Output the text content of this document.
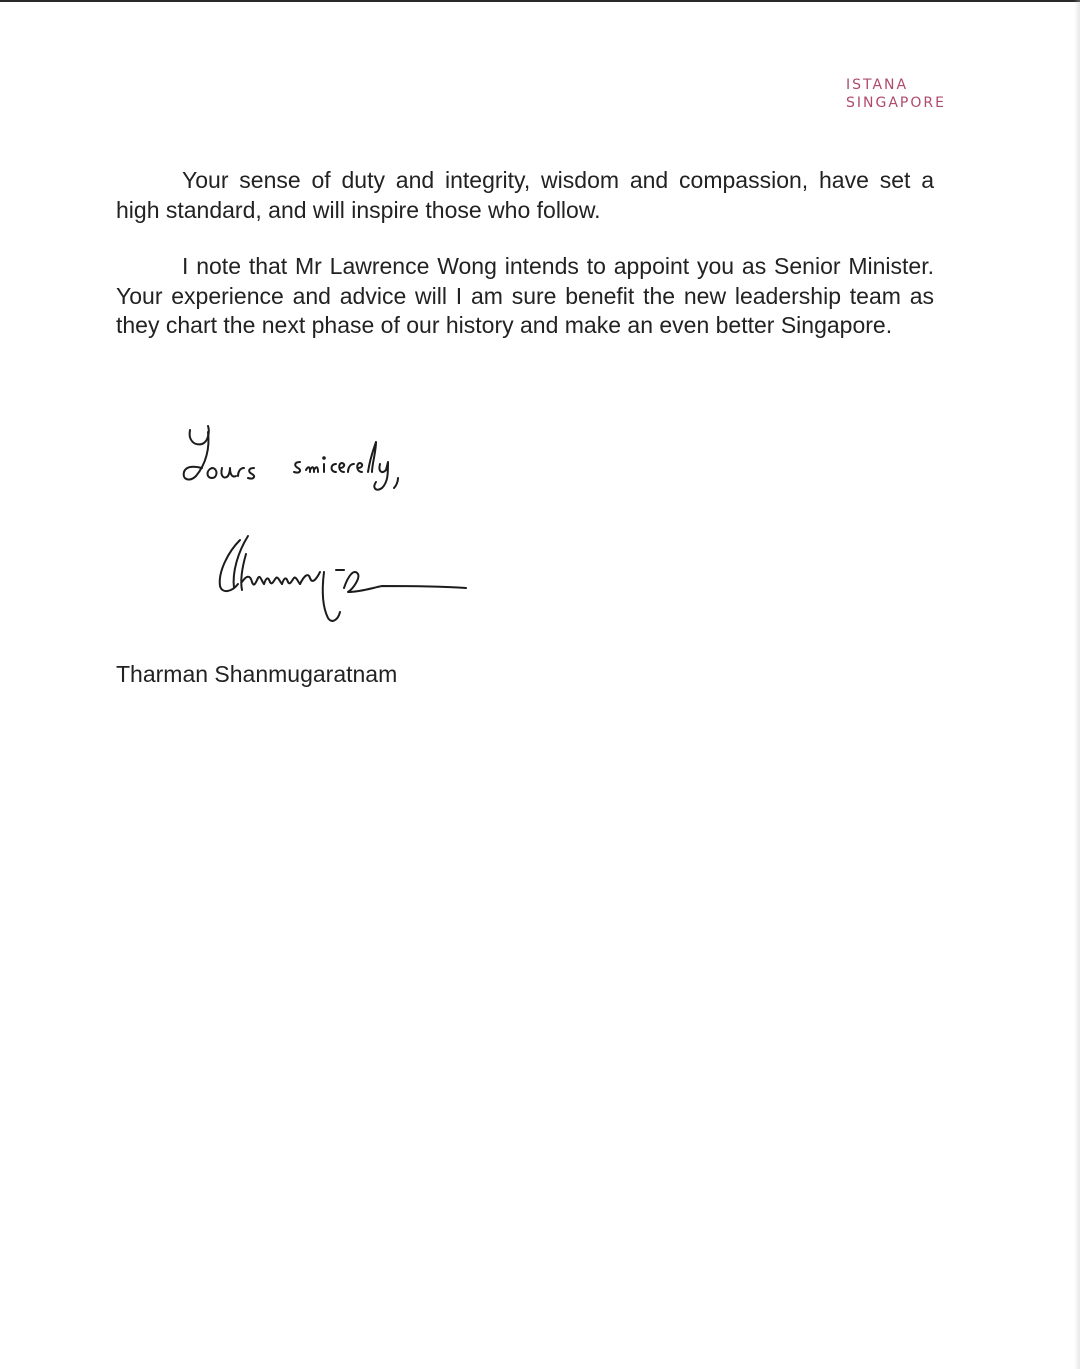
ISTANA
SINGAPORE

Your sense of duty and integrity, wisdom and compassion, have set a high standard, and will inspire those who follow.

I note that Mr Lawrence Wong intends to appoint you as Senior Minister. Your experience and advice will I am sure benefit the new leadership team as they chart the next phase of our history and make an even better Singapore.

Tharman Shanmugaratnam
